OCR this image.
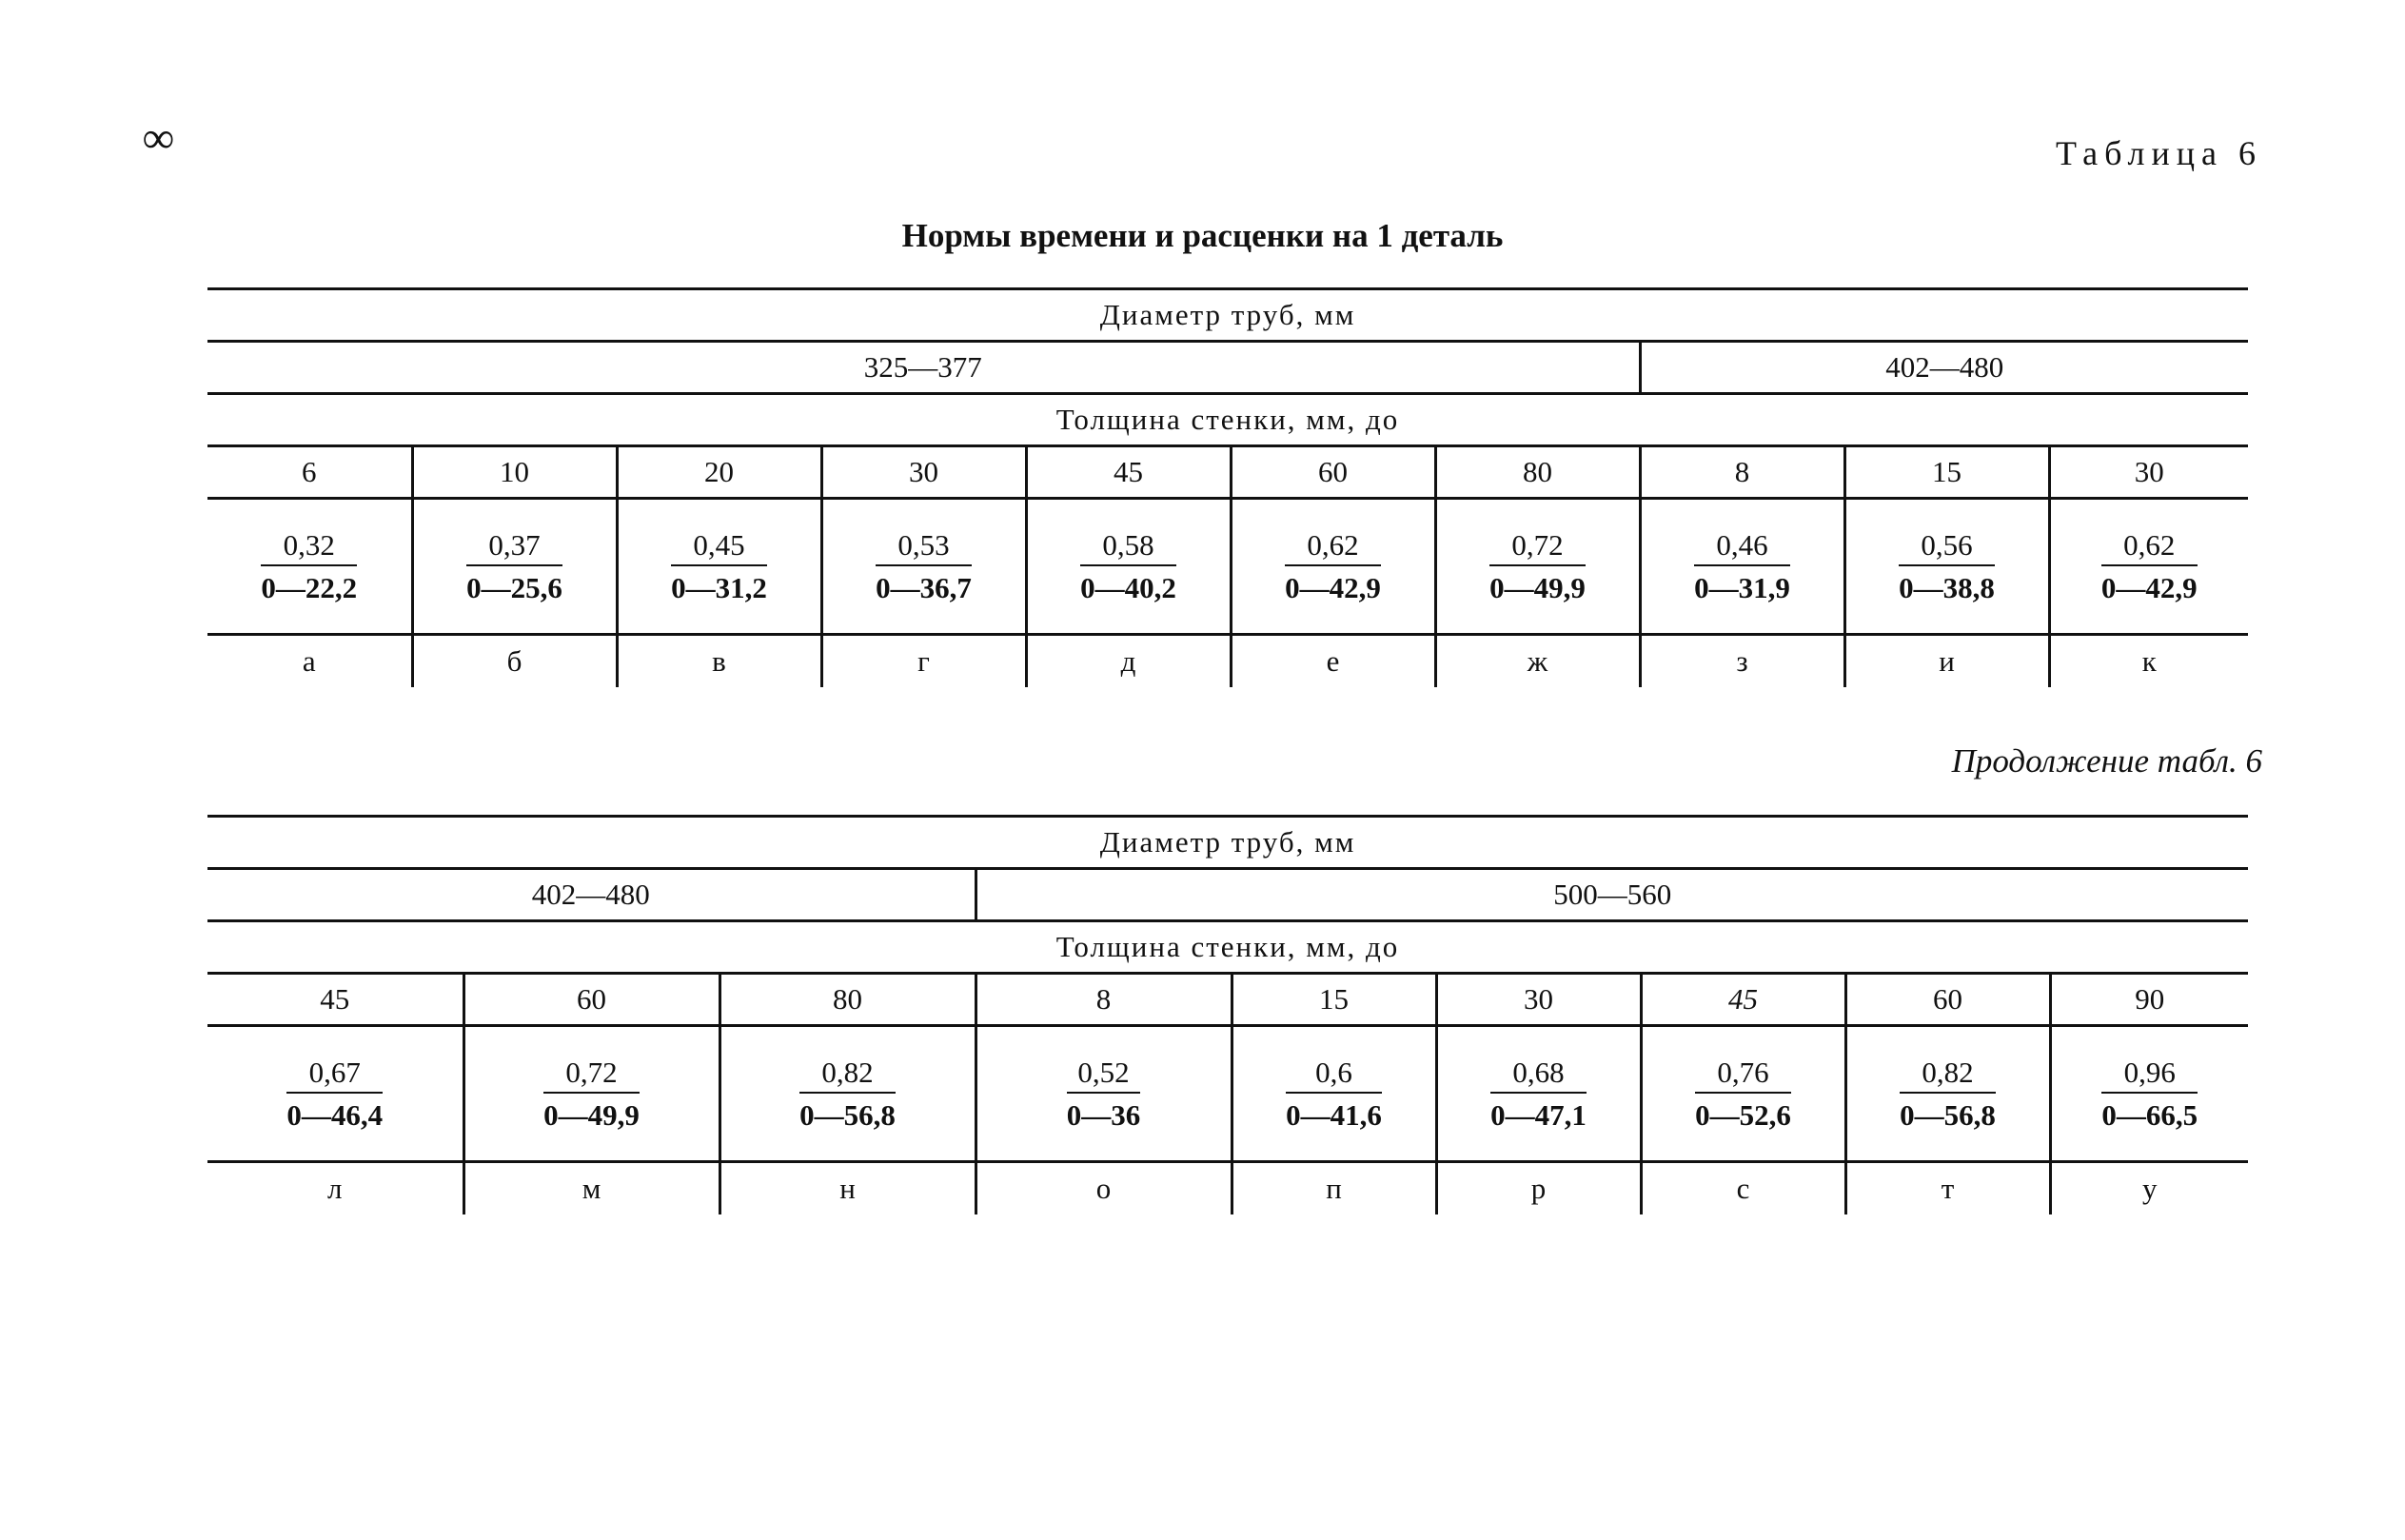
∞	Таблица 6
Нормы времени и расценки на 1 деталь
Диаметр труб, мм									
325—377							402—480		
Толщина стенки, мм, до									
6	10	20	30	45	60	80	8	15	30

$\frac{0,32}{0—22,2}$	$\frac{0,37}{0—25,6}$	$\frac{0,45}{0—31,2}$	$\frac{0,53}{0—36,7}$	$\frac{0,58}{0—40,2}$	$\frac{0,62}{0—42,9}$	$\frac{0,72}{0—49,9}$	$\frac{0,46}{0—31,9}$	$\frac{0,56}{0—38,8}$	$\frac{0,62}{0—42,9}$

а	б	в	г	д	е	ж	з	и	к
Продолжение табл. 6
Диаметр труб, мм								
402—480			500—560					
Толщина стенки, мм, до								
45	60	80	8	15	30	45	60	90

$\frac{0,67}{0—46,4}$	$\frac{0,72}{0—49,9}$	$\frac{0,82}{0—56,8}$	$\frac{0,52}{0—36}$	$\frac{0,6}{0—41,6}$	$\frac{0,68}{0—47,1}$	$\frac{0,76}{0—52,6}$	$\frac{0,82}{0—56,8}$	$\frac{0,96}{0—66,5}$

л	м	н	о	п	р	с	т	у
